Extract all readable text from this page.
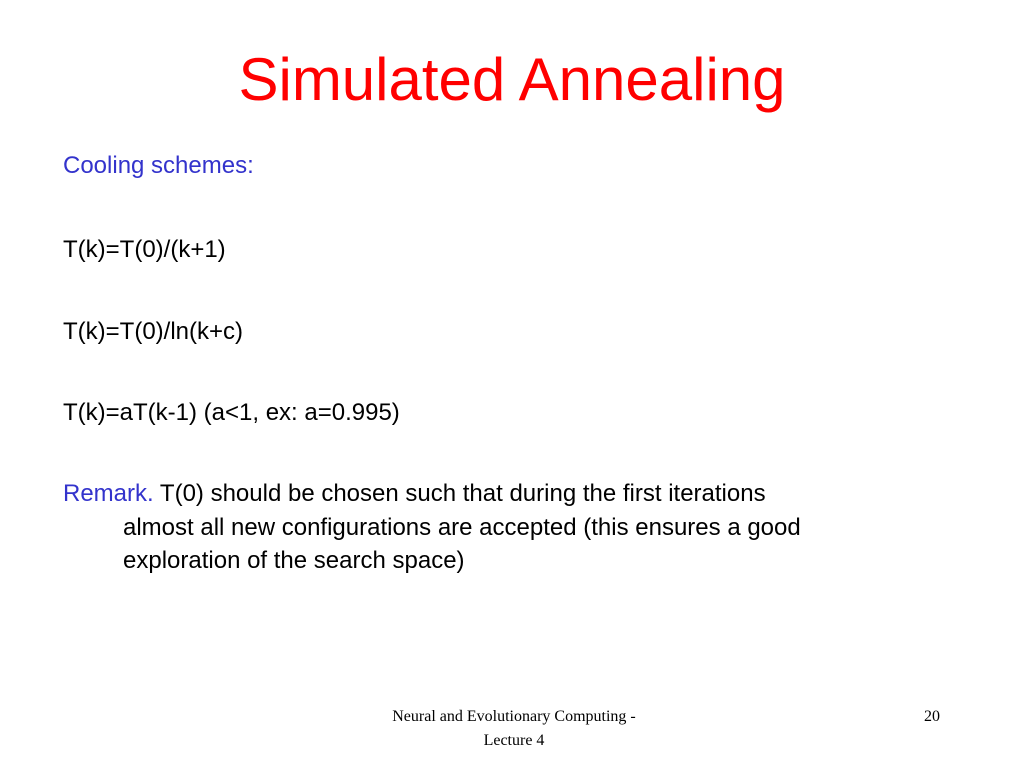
Simulated Annealing
Cooling schemes:
T(k)=T(0)/(k+1)
T(k)=T(0)/ln(k+c)
T(k)=aT(k-1) (a<1, ex: a=0.995)
Remark. T(0) should be chosen such that during the first iterations
almost all new configurations are accepted (this ensures a good
exploration of the search space)
Neural and Evolutionary Computing -
Lecture 4
20
